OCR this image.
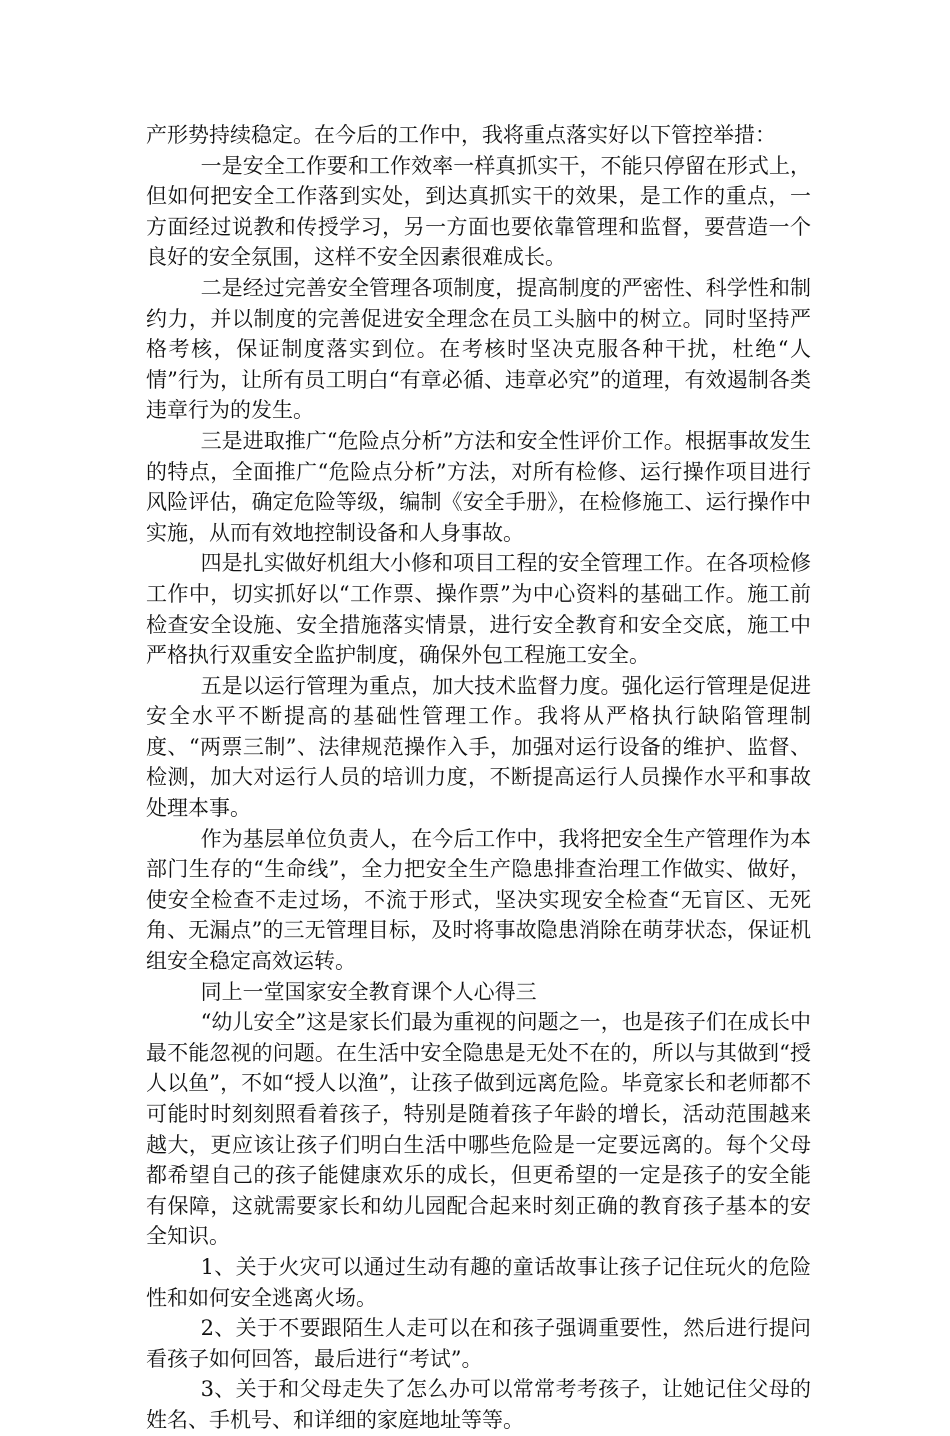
产形势持续稳定。在今后的工作中，我将重点落实好以下管控举措：

一是安全工作要和工作效率一样真抓实干，不能只停留在形式上，但如何把安全工作落到实处，到达真抓实干的效果，是工作的重点，一方面经过说教和传授学习，另一方面也要依靠管理和监督，要营造一个良好的安全氛围，这样不安全因素很难成长。

二是经过完善安全管理各项制度，提高制度的严密性、科学性和制约力，并以制度的完善促进安全理念在员工头脑中的树立。同时坚持严格考核，保证制度落实到位。在考核时坚决克服各种干扰，杜绝“人情”行为，让所有员工明白“有章必循、违章必究”的道理，有效遏制各类违章行为的发生。

三是进取推广“危险点分析”方法和安全性评价工作。根据事故发生的特点，全面推广“危险点分析”方法，对所有检修、运行操作项目进行风险评估，确定危险等级，编制《安全手册》，在检修施工、运行操作中实施，从而有效地控制设备和人身事故。

四是扎实做好机组大小修和项目工程的安全管理工作。在各项检修工作中，切实抓好以“工作票、操作票”为中心资料的基础工作。施工前检查安全设施、安全措施落实情景，进行安全教育和安全交底，施工中严格执行双重安全监护制度，确保外包工程施工安全。

五是以运行管理为重点，加大技术监督力度。强化运行管理是促进安全水平不断提高的基础性管理工作。我将从严格执行缺陷管理制度、“两票三制”、法律规范操作入手，加强对运行设备的维护、监督、检测，加大对运行人员的培训力度，不断提高运行人员操作水平和事故处理本事。

作为基层单位负责人，在今后工作中，我将把安全生产管理作为本部门生存的“生命线”，全力把安全生产隐患排查治理工作做实、做好，使安全检查不走过场，不流于形式，坚决实现安全检查“无盲区、无死角、无漏点”的三无管理目标，及时将事故隐患消除在萌芽状态，保证机组安全稳定高效运转。

同上一堂国家安全教育课个人心得三

“幼儿安全”这是家长们最为重视的问题之一，也是孩子们在成长中最不能忽视的问题。在生活中安全隐患是无处不在的，所以与其做到“授人以鱼”，不如“授人以渔”，让孩子做到远离危险。毕竟家长和老师都不可能时时刻刻照看着孩子，特别是随着孩子年龄的增长，活动范围越来越大，更应该让孩子们明白生活中哪些危险是一定要远离的。每个父母都希望自己的孩子能健康欢乐的成长，但更希望的一定是孩子的安全能有保障，这就需要家长和幼儿园配合起来时刻正确的教育孩子基本的安全知识。

1、关于火灾可以通过生动有趣的童话故事让孩子记住玩火的危险性和如何安全逃离火场。

2、关于不要跟陌生人走可以在和孩子强调重要性，然后进行提问看孩子如何回答，最后进行“考试”。

3、关于和父母走失了怎么办可以常常考考孩子，让她记住父母的姓名、手机号、和详细的家庭地址等等。
